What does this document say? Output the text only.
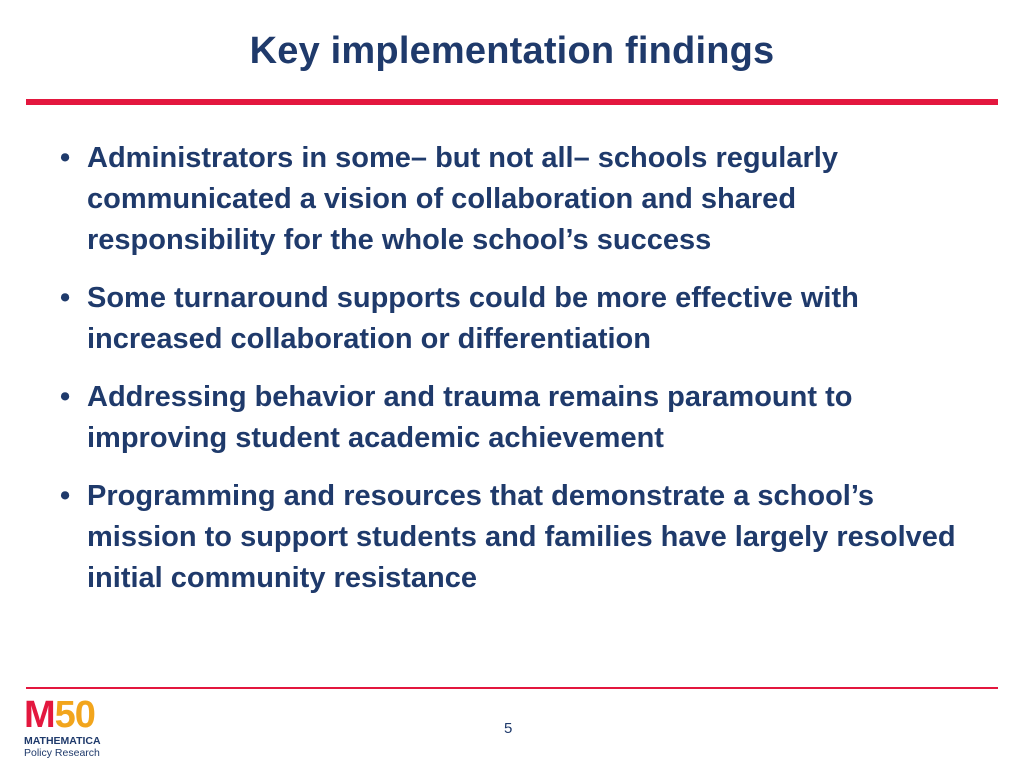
Key implementation findings
• Administrators in some– but not all– schools regularly communicated a vision of collaboration and shared responsibility for the whole school’s success
• Some turnaround supports could be more effective with increased collaboration or differentiation
• Addressing behavior and trauma remains paramount to improving student academic achievement
• Programming and resources that demonstrate a school’s mission to support students and families have largely resolved initial community resistance
M50
MATHEMATICA
Policy Research
5
